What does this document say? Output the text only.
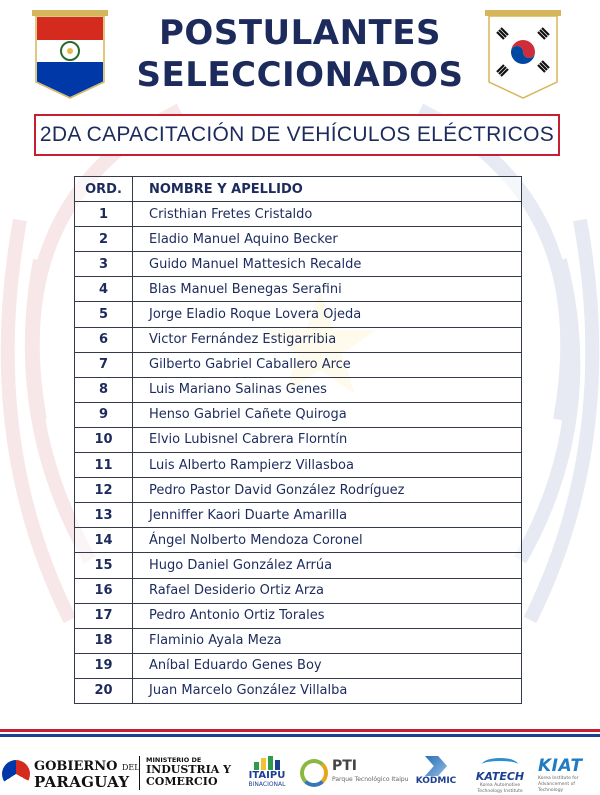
POSTULANTES
SELECCIONADOS
2DA CAPACITACIÓN DE VEHÍCULOS ELÉCTRICOS
ORD.	NOMBRE Y APELLIDO
1	Cristhian Fretes Cristaldo
2	Eladio Manuel Aquino Becker
3	Guido Manuel Mattesich Recalde
4	Blas Manuel Benegas Serafini
5	Jorge Eladio Roque Lovera Ojeda
6	Victor Fernández Estigarribia
7	Gilberto Gabriel Caballero Arce
8	Luis Mariano Salinas Genes
9	Henso Gabriel Cañete Quiroga
10	Elvio Lubisnel Cabrera Florntín
11	Luis Alberto Rampierz Villasboa
12	Pedro Pastor David González Rodríguez
13	Jenniffer Kaori Duarte Amarilla
14	Ángel Nolberto Mendoza Coronel
15	Hugo Daniel González Arrúa
16	Rafael Desiderio Ortiz Arza
17	Pedro Antonio Ortiz Torales
18	Flaminio Ayala Meza
19	Aníbal Eduardo Genes Boy
20	Juan Marcelo González Villalba
GOBIERNO DEL
PARAGUAY
MINISTERIO DE
INDUSTRIA Y
COMERCIO	ITAIPU
BINACIONAL
PTI
Parque Tecnológico Itaipu KODMIC	KATECH
Korea Automotive Technology Institute
KIAT
Korea Institute for Advancement of Technology
